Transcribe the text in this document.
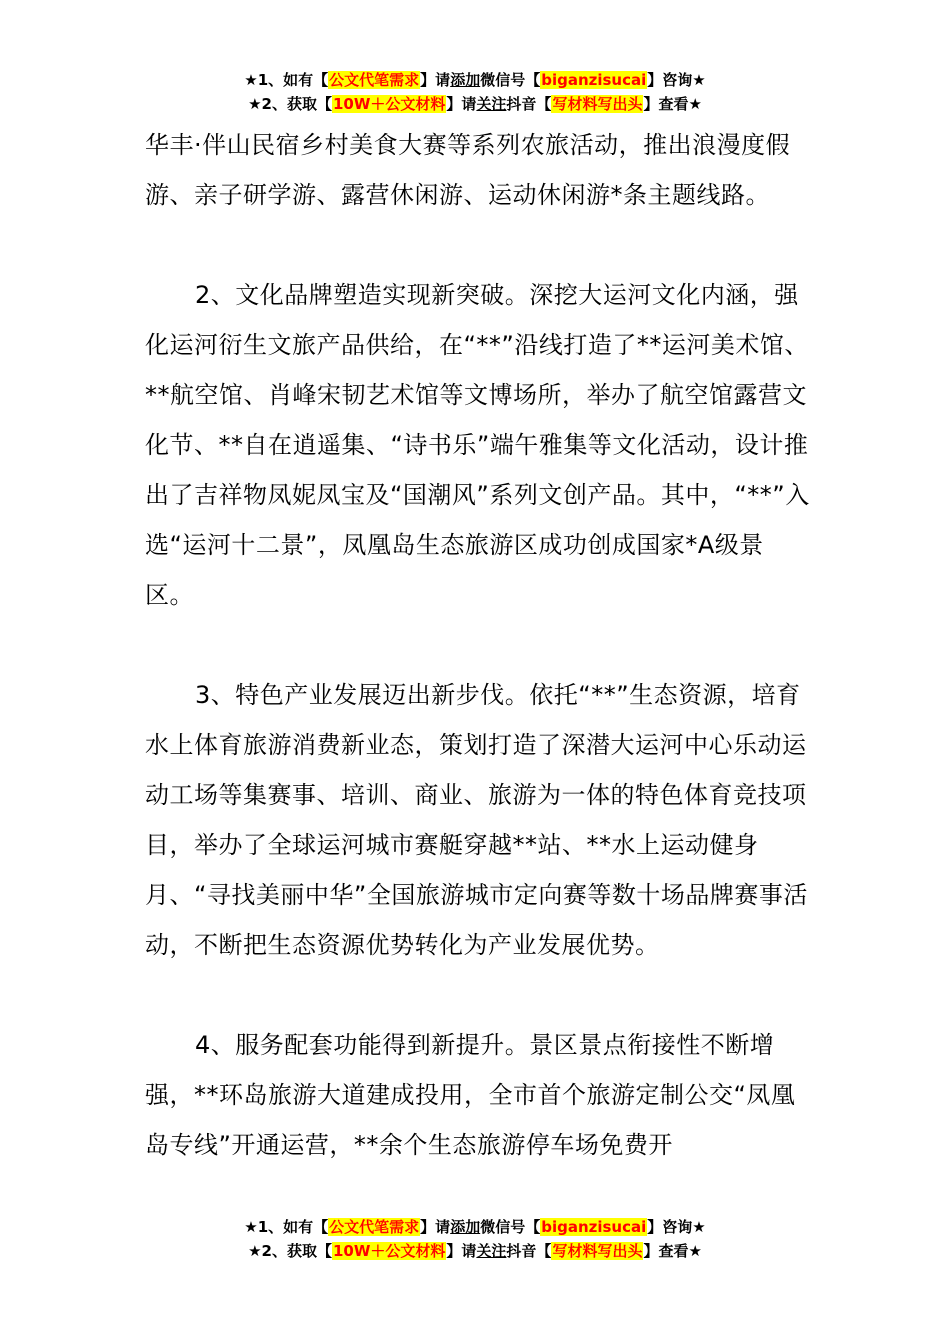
★1、如有【公文代笔需求】请添加微信号【biganzisucai】咨询★
★2、获取【10W＋公文材料】请关注抖音【写材料写出头】查看★

华丰·伴山民宿乡村美食大赛等系列农旅活动，推出浪漫度假游、亲子研学游、露营休闲游、运动休闲游*条主题线路。

2、文化品牌塑造实现新突破。深挖大运河文化内涵，强化运河衍生文旅产品供给，在“**”沿线打造了**运河美术馆、**航空馆、肖峰宋韧艺术馆等文博场所，举办了航空馆露营文化节、**自在逍遥集、“诗书乐”端午雅集等文化活动，设计推出了吉祥物凤妮凤宝及“国潮风”系列文创产品。其中，“**”入选“运河十二景”，凤凰岛生态旅游区成功创成国家*A级景区。

3、特色产业发展迈出新步伐。依托“**”生态资源，培育水上体育旅游消费新业态，策划打造了深潜大运河中心乐动运动工场等集赛事、培训、商业、旅游为一体的特色体育竞技项目，举办了全球运河城市赛艇穿越**站、**水上运动健身月、“寻找美丽中华”全国旅游城市定向赛等数十场品牌赛事活动，不断把生态资源优势转化为产业发展优势。

4、服务配套功能得到新提升。景区景点衔接性不断增强，**环岛旅游大道建成投用，全市首个旅游定制公交“凤凰岛专线”开通运营，**余个生态旅游停车场免费开

★1、如有【公文代笔需求】请添加微信号【biganzisucai】咨询★
★2、获取【10W＋公文材料】请关注抖音【写材料写出头】查看★
